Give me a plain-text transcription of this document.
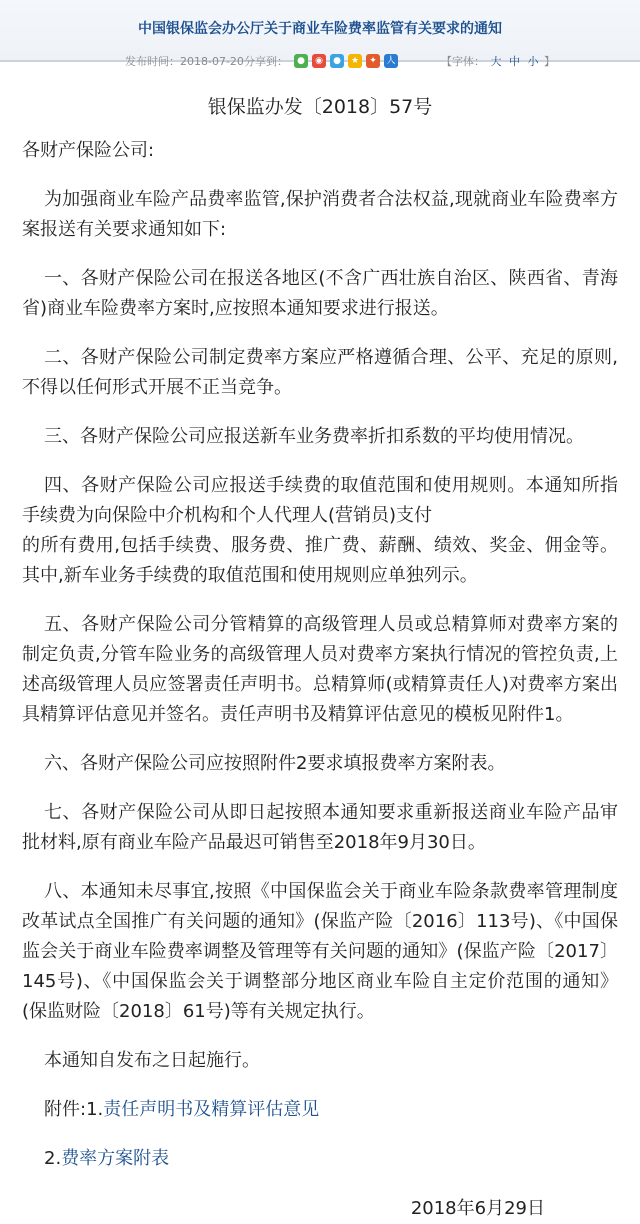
中国银保监会办公厅关于商业车险费率监管有关要求的通知
发布时间：2018-07-20 分享到：	●	◉	●	★	✦	人	【字体： 大 中 小 】
银保监办发〔2018〕57号

各财产保险公司:

为加强商业车险产品费率监管,保护消费者合法权益,现就商业车险费率方案报送有关要求通知如下:

一、各财产保险公司在报送各地区(不含广西壮族自治区、陕西省、青海省)商业车险费率方案时,应按照本通知要求进行报送。

二、各财产保险公司制定费率方案应严格遵循合理、公平、充足的原则,不得以任何形式开展不正当竞争。

三、各财产保险公司应报送新车业务费率折扣系数的平均使用情况。

四、各财产保险公司应报送手续费的取值范围和使用规则。本通知所指手续费为向保险中介机构和个人代理人(营销员)支付

的所有费用,包括手续费、服务费、推广费、薪酬、绩效、奖金、佣金等。其中,新车业务手续费的取值范围和使用规则应单独列示。

五、各财产保险公司分管精算的高级管理人员或总精算师对费率方案的制定负责,分管车险业务的高级管理人员对费率方案执行情况的管控负责,上述高级管理人员应签署责任声明书。总精算师(或精算责任人)对费率方案出具精算评估意见并签名。责任声明书及精算评估意见的模板见附件1。

六、各财产保险公司应按照附件2要求填报费率方案附表。

七、各财产保险公司从即日起按照本通知要求重新报送商业车险产品审批材料,原有商业车险产品最迟可销售至2018年9月30日。

八、本通知未尽事宜,按照《中国保监会关于商业车险条款费率管理制度改革试点全国推广有关问题的通知》(保监产险〔2016〕113号)、《中国保监会关于商业车险费率调整及管理等有关问题的通知》(保监产险〔2017〕145号)、《中国保监会关于调整部分地区商业车险自主定价范围的通知》(保监财险〔2018〕61号)等有关规定执行。

本通知自发布之日起施行。

附件:1.责任声明书及精算评估意见

2.费率方案附表

2018年6月29日
